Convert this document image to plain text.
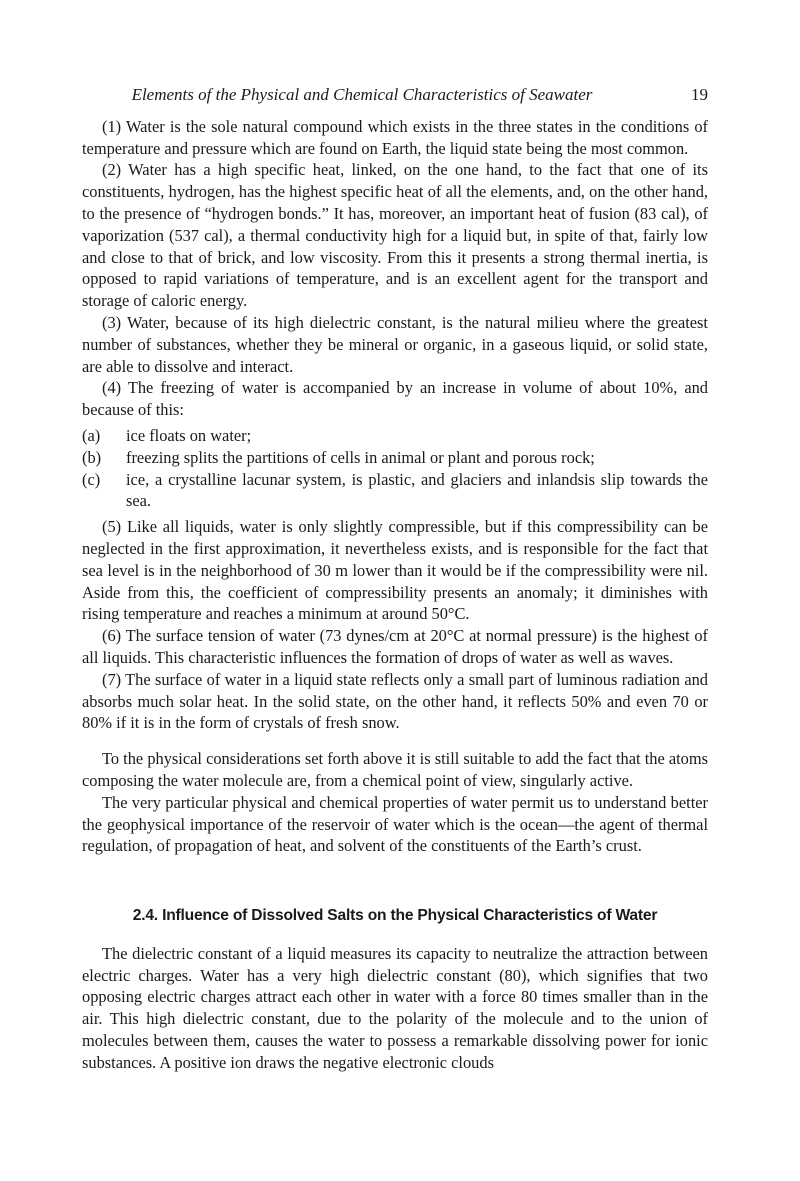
Elements of the Physical and Chemical Characteristics of Seawater	19

(1) Water is the sole natural compound which exists in the three states in the conditions of temperature and pressure which are found on Earth, the liquid state being the most common.

(2) Water has a high specific heat, linked, on the one hand, to the fact that one of its constituents, hydrogen, has the highest specific heat of all the elements, and, on the other hand, to the presence of “hydrogen bonds.” It has, moreover, an important heat of fusion (83 cal), of vaporization (537 cal), a thermal conductivity high for a liquid but, in spite of that, fairly low and close to that of brick, and low viscosity. From this it presents a strong thermal inertia, is opposed to rapid variations of temperature, and is an excellent agent for the transport and storage of caloric energy.

(3) Water, because of its high dielectric constant, is the natural milieu where the greatest number of substances, whether they be mineral or organic, in a gaseous liquid, or solid state, are able to dissolve and interact.

(4) The freezing of water is accompanied by an increase in volume of about 10%, and because of this:

(a)	ice floats on water;
(b)	freezing splits the partitions of cells in animal or plant and porous rock;
(c)	ice, a crystalline lacunar system, is plastic, and glaciers and inlandsis slip towards the sea.

(5) Like all liquids, water is only slightly compressible, but if this compressibility can be neglected in the first approximation, it nevertheless exists, and is responsible for the fact that sea level is in the neighborhood of 30 m lower than it would be if the compressibility were nil. Aside from this, the coefficient of compressibility presents an anomaly; it diminishes with rising temperature and reaches a minimum at around 50°C.

(6) The surface tension of water (73 dynes/cm at 20°C at normal pressure) is the highest of all liquids. This characteristic influences the formation of drops of water as well as waves.

(7) The surface of water in a liquid state reflects only a small part of luminous radiation and absorbs much solar heat. In the solid state, on the other hand, it reflects 50% and even 70 or 80% if it is in the form of crystals of fresh snow.

To the physical considerations set forth above it is still suitable to add the fact that the atoms composing the water molecule are, from a chemical point of view, singularly active.

The very particular physical and chemical properties of water permit us to understand better the geophysical importance of the reservoir of water which is the ocean—the agent of thermal regulation, of propagation of heat, and solvent of the constituents of the Earth’s crust.

2.4. Influence of Dissolved Salts on the Physical Characteristics of Water

The dielectric constant of a liquid measures its capacity to neutralize the attraction between electric charges. Water has a very high dielectric constant (80), which signifies that two opposing electric charges attract each other in water with a force 80 times smaller than in the air. This high dielectric constant, due to the polarity of the molecule and to the union of molecules between them, causes the water to possess a remarkable dissolving power for ionic substances. A positive ion draws the negative electronic clouds
